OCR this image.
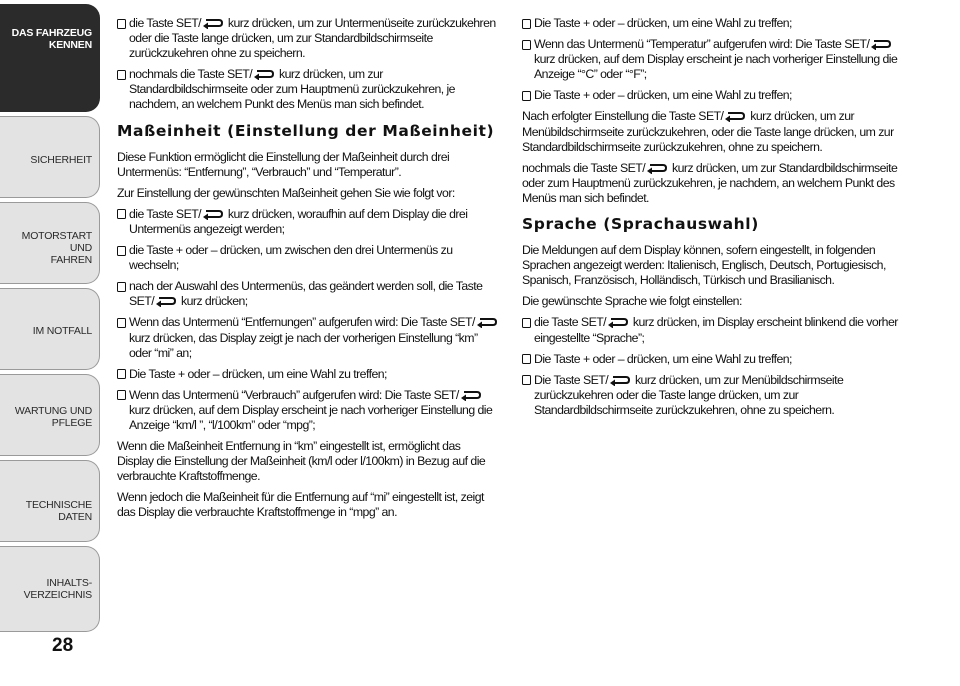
DAS FAHRZEUG
KENNEN
SICHERHEIT
MOTORSTART UND
FAHREN
IM NOTFALL
WARTUNG UND
PFLEGE
TECHNISCHE DATEN
INHALTS-
VERZEICHNIS
28
die Taste SET/
kurz drücken, um zur Untermenüseite zurückzukehren oder die Taste lange drücken, um zur Standardbildschirmseite zurückzukehren ohne zu speichern.
nochmals die Taste SET/
kurz drücken, um zur Standardbildschirmseite oder zum Hauptmenü zurückzukehren, je nachdem, an welchem Punkt des Menüs man sich befindet.
Maßeinheit (Einstellung der Maßeinheit)
Diese Funktion ermöglicht die Einstellung der Maßeinheit durch drei Untermenüs: “Entfernung”, “Verbrauch” und “Temperatur”.
Zur Einstellung der gewünschten Maßeinheit gehen Sie wie folgt vor:
die Taste SET/
kurz drücken, woraufhin auf dem Display die drei Untermenüs angezeigt werden;
die Taste + oder – drücken, um zwischen den drei Untermenüs zu wechseln;
nach der Auswahl des Untermenüs, das geändert werden soll, die Taste SET/
kurz drücken;
Wenn das Untermenü “Entfernungen” aufgerufen wird: Die Taste SET/
kurz drücken, das Display zeigt je nach der vorherigen Einstellung “km” oder “mi” an;
Die Taste + oder – drücken, um eine Wahl zu treffen;
Wenn das Untermenü “Verbrauch” aufgerufen wird: Die Taste SET/
kurz drücken, auf dem Display erscheint je nach vorheriger Einstellung die Anzeige “km/l ”, “l/100km” oder “mpg”;
Wenn die Maßeinheit Entfernung in “km” eingestellt ist, ermöglicht das Display die Einstellung der Maßeinheit (km/l oder l/100km) in Bezug auf die verbrauchte Kraftstoffmenge.
Wenn jedoch die Maßeinheit für die Entfernung auf “mi” eingestellt ist, zeigt das Display die verbrauchte Kraftstoffmenge in “mpg” an.
Die Taste + oder – drücken, um eine Wahl zu treffen;
Wenn das Untermenü “Temperatur” aufgerufen wird: Die Taste SET/
kurz drücken, auf dem Display erscheint je nach vorheriger Einstellung die Anzeige “°C” oder “°F”;
Die Taste + oder – drücken, um eine Wahl zu treffen;
Nach erfolgter Einstellung die Taste SET/
kurz drücken, um zur Menübildschirmseite zurückzukehren, oder die Taste lange drücken, um zur Standardbildschirmseite zurückzukehren, ohne zu speichern.
nochmals die Taste SET/
kurz drücken, um zur Standardbildschirmseite oder zum Hauptmenü zurückzukehren, je nachdem, an welchem Punkt des Menüs man sich befindet.
Sprache (Sprachauswahl)
Die Meldungen auf dem Display können, sofern eingestellt, in folgenden Sprachen angezeigt werden: Italienisch, Englisch, Deutsch, Portugiesisch, Spanisch, Französisch, Holländisch, Türkisch und Brasilianisch.
Die gewünschte Sprache wie folgt einstellen:
die Taste SET/
kurz drücken, im Display erscheint blinkend die vorher eingestellte “Sprache”;
Die Taste + oder – drücken, um eine Wahl zu treffen;
Die Taste SET/
kurz drücken, um zur Menübildschirmseite zurückzukehren oder die Taste lange drücken, um zur Standardbildschirmseite zurückzukehren, ohne zu speichern.
